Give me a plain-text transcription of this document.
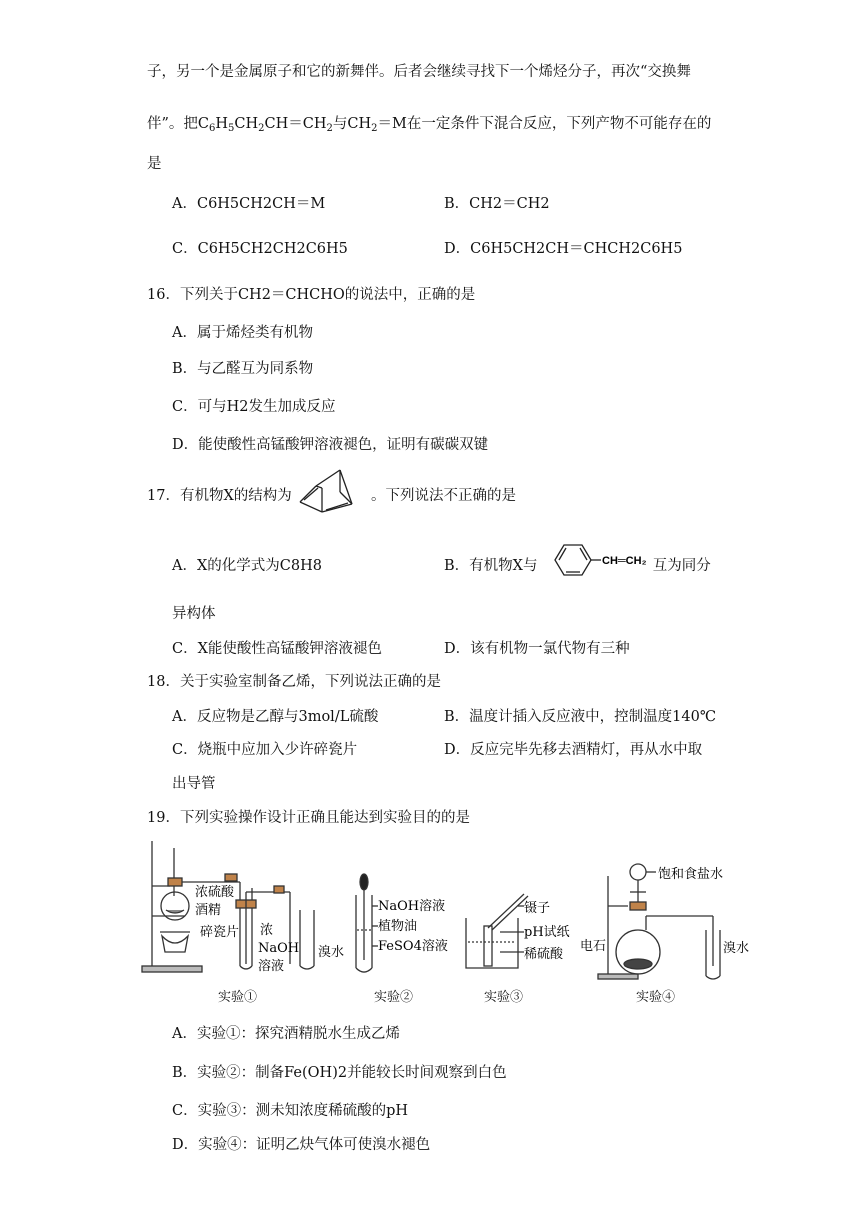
子，另一个是金属原子和它的新舞伴。后者会继续寻找下一个烯烃分子，再次“交换舞
伴”。把$C_6H_5CH_2CH=CH_2$与$CH_2=M$在一定条件下混合反应，下列产物不可能存在的
是
A．C6H5CH2CH＝M	B．CH2＝CH2
C．C6H5CH2CH2C6H5	D．C6H5CH2CH＝CHCH2C6H5
16．下列关于CH2＝CHCHO的说法中，正确的是
A．属于烯烃类有机物
B．与乙醛互为同系物
C．可与H2发生加成反应
D．能使酸性高锰酸钾溶液褪色，证明有碳碳双键
17．有机物X的结构为	。下列说法不正确的是
A．X的化学式为C8H8	B．有机物X与	互为同分
CH═CH₂
异构体
C．X能使酸性高锰酸钾溶液褪色	D．该有机物一氯代物有三种
18．关于实验室制备乙烯，下列说法正确的是
A．反应物是乙醇与3mol/L硫酸	B．温度计插入反应液中，控制温度140℃
C．烧瓶中应加入少许碎瓷片	D．反应完毕先移去酒精灯，再从水中取
出导管
19．下列实验操作设计正确且能达到实验目的的是
浓硫酸
酒精
碎瓷片 浓
NaOH
溶液
溴水
实验①
NaOH溶液
植物油
FeSO4溶液
实验②
镊子
pH试纸
稀硫酸
实验③
饱和食盐水
电石	溴水
实验④
A．实验①：探究酒精脱水生成乙烯
B．实验②：制备Fe(OH)2并能较长时间观察到白色
C．实验③：测未知浓度稀硫酸的pH
D．实验④：证明乙炔气体可使溴水褪色
